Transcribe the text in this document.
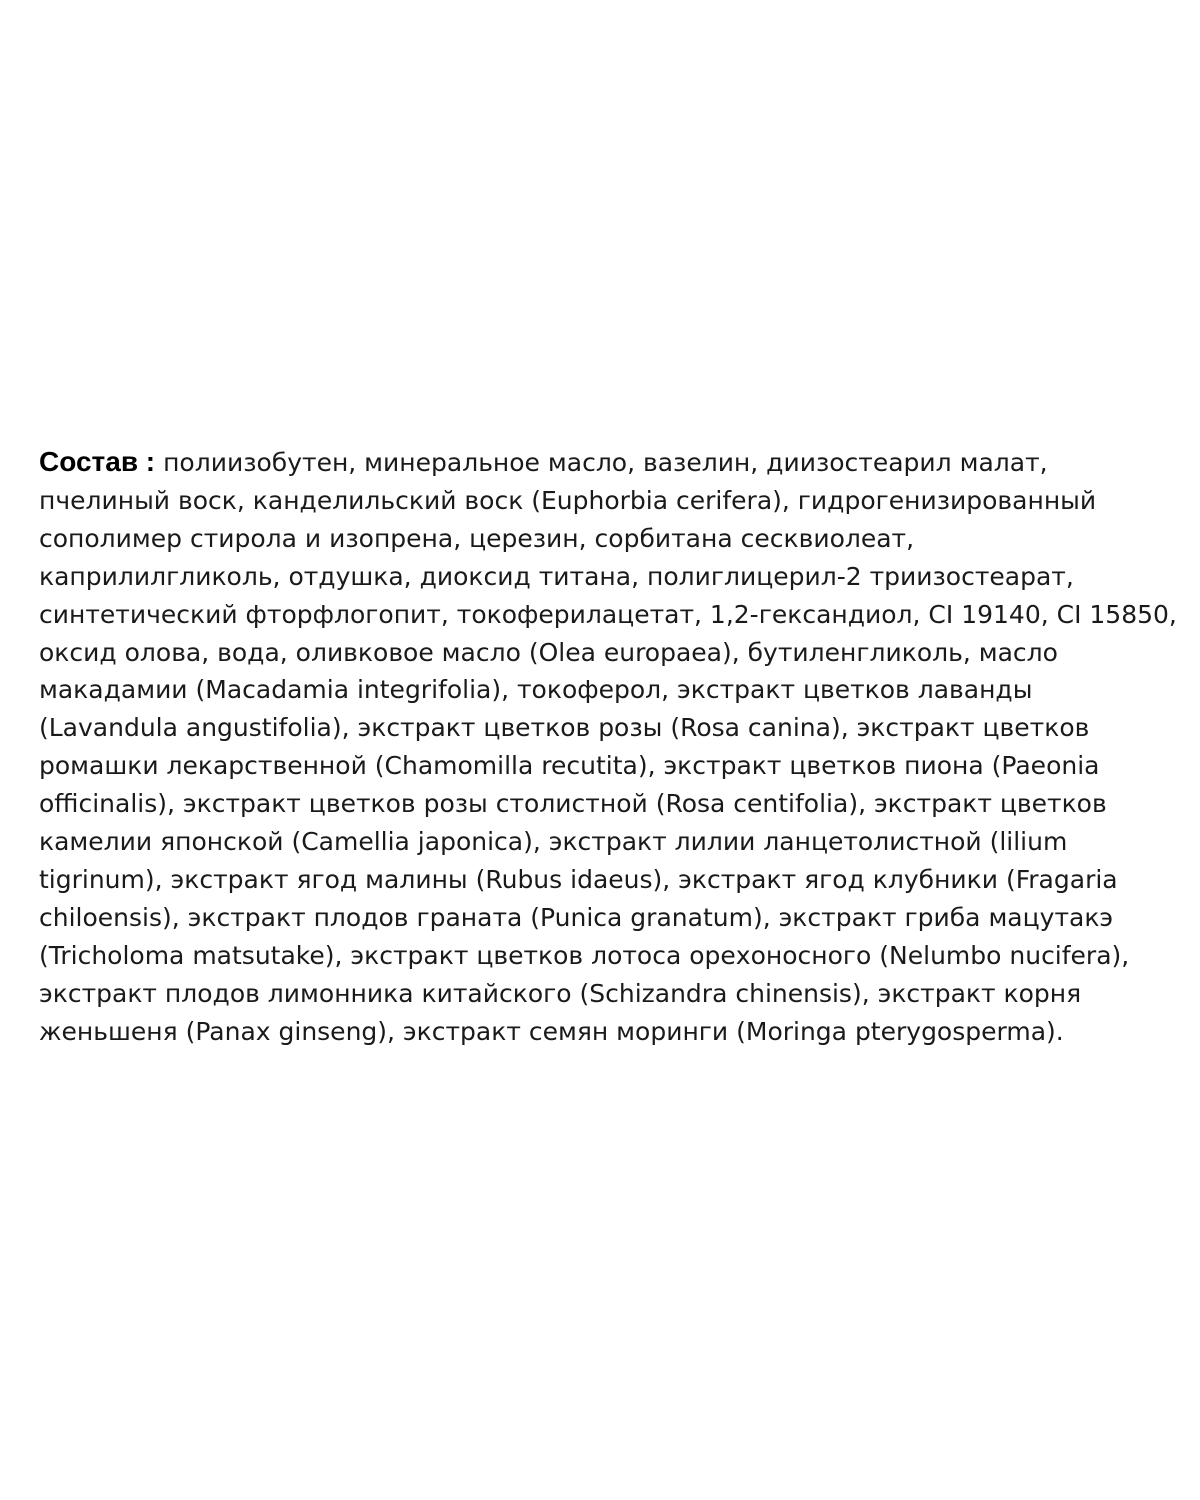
Состав : полиизобутен, минеральное масло, вазелин, диизостеарил малат,
пчелиный воск, канделильский воск (Euphorbia cerifera), гидрогенизированный
сополимер стирола и изопрена, церезин, сорбитана сесквиолеат,
каприлилгликоль, отдушка, диоксид титана, полиглицерил-2 триизостеарат,
синтетический фторфлогопит, токоферилацетат, 1,2-гександиол, CI 19140, CI 15850,
оксид олова, вода, оливковое масло (Olea europaea), бутиленгликоль, масло
макадамии (Macadamia integrifolia), токоферол, экстракт цветков лаванды
(Lavandula angustifolia), экстракт цветков розы (Rosa canina), экстракт цветков
ромашки лекарственной (Chamomilla recutita), экстракт цветков пиона (Paeonia
officinalis), экстракт цветков розы столистной (Rosa centifolia), экстракт цветков
камелии японской (Camellia japonica), экстракт лилии ланцетолистной (lilium
tigrinum), экстракт ягод малины (Rubus idaeus), экстракт ягод клубники (Fragaria
chiloensis), экстракт плодов граната (Punica granatum), экстракт гриба мацутакэ
(Tricholoma matsutake), экстракт цветков лотоса орехоносного (Nelumbo nucifera),
экстракт плодов лимонника китайского (Schizandra chinensis), экстракт корня
женьшеня (Panax ginseng), экстракт семян моринги (Moringa pterygosperma).
